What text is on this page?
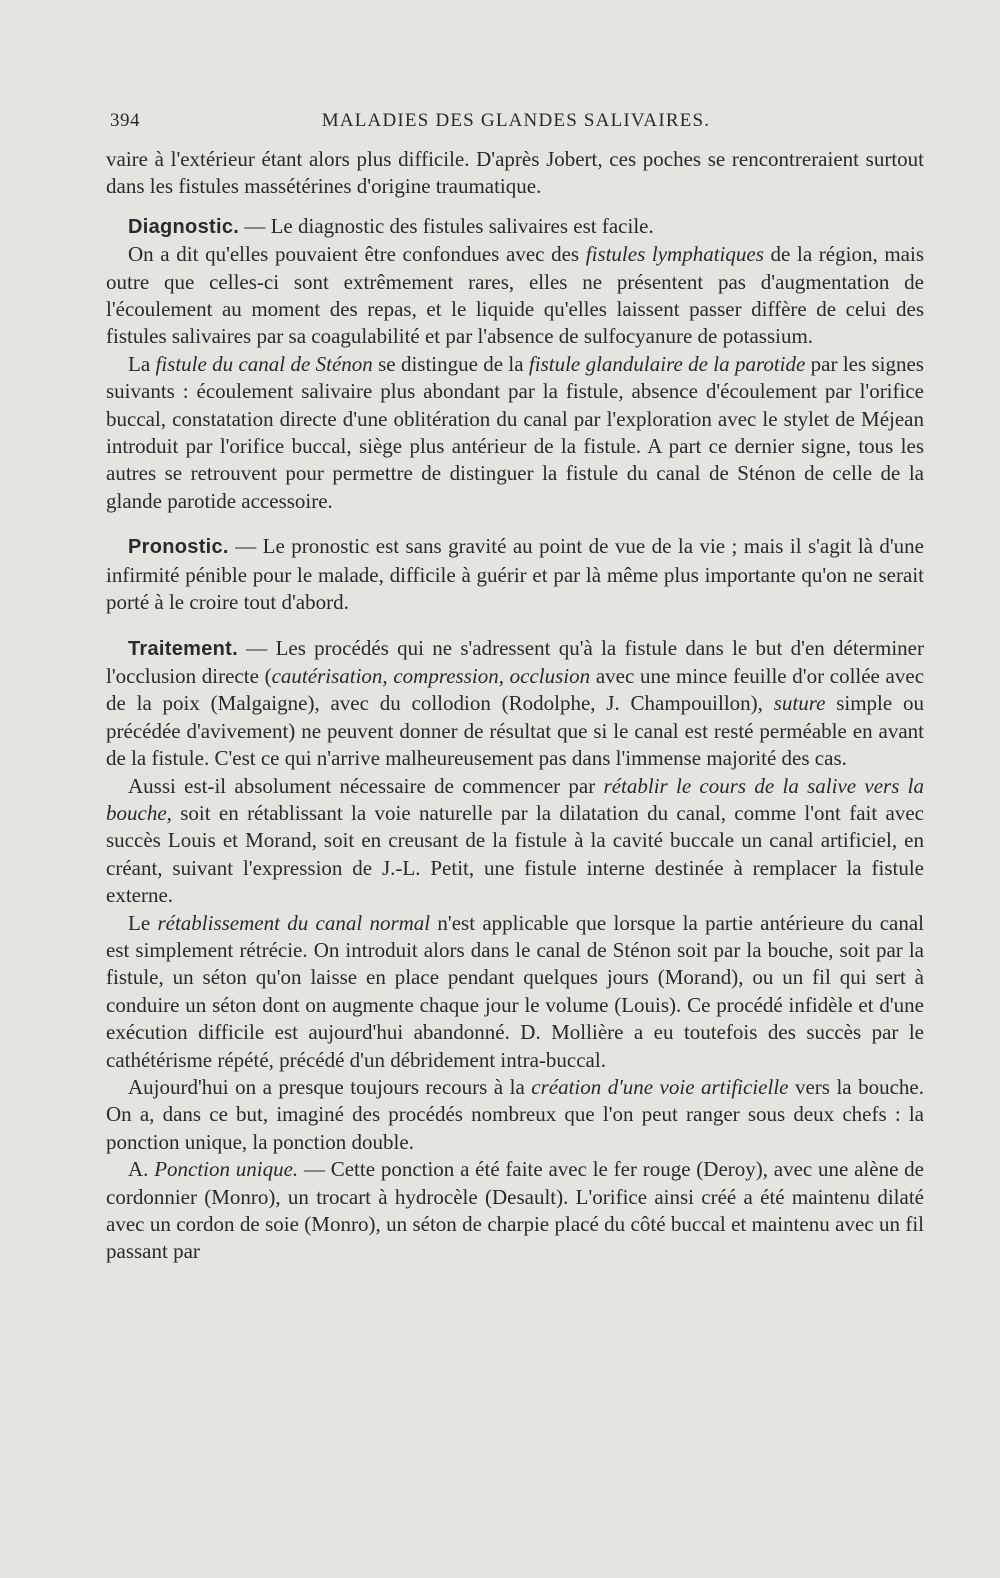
394	MALADIES DES GLANDES SALIVAIRES.

vaire à l'extérieur étant alors plus difficile. D'après Jobert, ces poches se rencontreraient surtout dans les fistules massétérines d'origine traumatique.

Diagnostic. — Le diagnostic des fistules salivaires est facile.

On a dit qu'elles pouvaient être confondues avec des fistules lymphatiques de la région, mais outre que celles-ci sont extrêmement rares, elles ne présentent pas d'augmentation de l'écoulement au moment des repas, et le liquide qu'elles laissent passer diffère de celui des fistules salivaires par sa coagulabilité et par l'absence de sulfocyanure de potassium.

La fistule du canal de Sténon se distingue de la fistule glandulaire de la parotide par les signes suivants : écoulement salivaire plus abondant par la fistule, absence d'écoulement par l'orifice buccal, constatation directe d'une oblitération du canal par l'exploration avec le stylet de Méjean introduit par l'orifice buccal, siège plus antérieur de la fistule. A part ce dernier signe, tous les autres se retrouvent pour permettre de distinguer la fistule du canal de Sténon de celle de la glande parotide accessoire.

Pronostic. — Le pronostic est sans gravité au point de vue de la vie ; mais il s'agit là d'une infirmité pénible pour le malade, difficile à guérir et par là même plus importante qu'on ne serait porté à le croire tout d'abord.

Traitement. — Les procédés qui ne s'adressent qu'à la fistule dans le but d'en déterminer l'occlusion directe (cautérisation, compression, occlusion avec une mince feuille d'or collée avec de la poix (Malgaigne), avec du collodion (Rodolphe, J. Champouillon), suture simple ou précédée d'avivement) ne peuvent donner de résultat que si le canal est resté perméable en avant de la fistule. C'est ce qui n'arrive malheureusement pas dans l'immense majorité des cas.

Aussi est-il absolument nécessaire de commencer par rétablir le cours de la salive vers la bouche, soit en rétablissant la voie naturelle par la dilatation du canal, comme l'ont fait avec succès Louis et Morand, soit en creusant de la fistule à la cavité buccale un canal artificiel, en créant, suivant l'expression de J.-L. Petit, une fistule interne destinée à remplacer la fistule externe.

Le rétablissement du canal normal n'est applicable que lorsque la partie antérieure du canal est simplement rétrécie. On introduit alors dans le canal de Sténon soit par la bouche, soit par la fistule, un séton qu'on laisse en place pendant quelques jours (Morand), ou un fil qui sert à conduire un séton dont on augmente chaque jour le volume (Louis). Ce procédé infidèle et d'une exécution difficile est aujourd'hui abandonné. D. Mollière a eu toutefois des succès par le cathétérisme répété, précédé d'un débridement intra-buccal.

Aujourd'hui on a presque toujours recours à la création d'une voie artificielle vers la bouche. On a, dans ce but, imaginé des procédés nombreux que l'on peut ranger sous deux chefs : la ponction unique, la ponction double.

A. Ponction unique. — Cette ponction a été faite avec le fer rouge (Deroy), avec une alène de cordonnier (Monro), un trocart à hydrocèle (Desault). L'orifice ainsi créé a été maintenu dilaté avec un cordon de soie (Monro), un séton de charpie placé du côté buccal et maintenu avec un fil passant par
